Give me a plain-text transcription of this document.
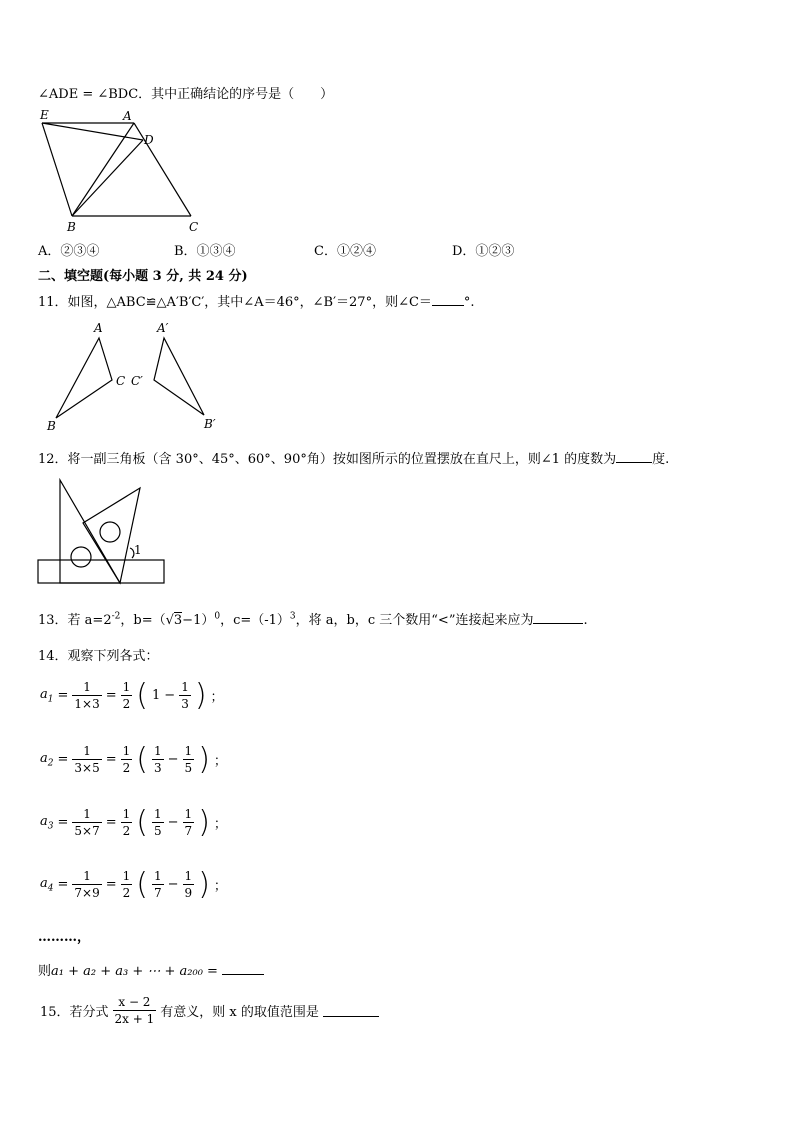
∠ADE = ∠BDC．其中正确结论的序号是（　　）
E	A
D
B	C
A．②③④	B．①③④	C．①②④	D．①②③
二、填空题(每小题 3 分, 共 24 分)
11．如图，△ABC≌△A′B′C′，其中∠A＝46°，∠B′＝27°，则∠C＝ °.
A
B
C
A′
B′
C′
12．将一副三角板（含 30°、45°、60°、90°角）按如图所示的位置摆放在直尺上，则∠1 的度数为	度.
1
13．若 $a=2^{-2}$，$b=(√3-1)^0$，$c=(-1)^3$，将 a，b，c 三个数用“<”连接起来应为	.
14．观察下列各式：
$a_1 = \frac{1}{1\times 3} = \frac{1}{2}$ ( $1 - \frac{1}{3}$ ) ；
$a_2 = \frac{1}{3\times 5} = \frac{1}{2}$ ( $\frac{1}{3} - \frac{1}{5}$ ) ；
$a_3 = \frac{1}{5\times 7} = \frac{1}{2}$ ( $\frac{1}{5} - \frac{1}{7}$ ) ；
$a_4 = \frac{1}{7\times 9} = \frac{1}{2}$ ( $\frac{1}{7} - \frac{1}{9}$ ) ；
………，
则a₁ + a₂ + a₃ + ⋯ + a₂₀₀ =
15．若分式 $\frac{x - 2}{2x + 1}$ 有意义，则 x 的取值范围是
